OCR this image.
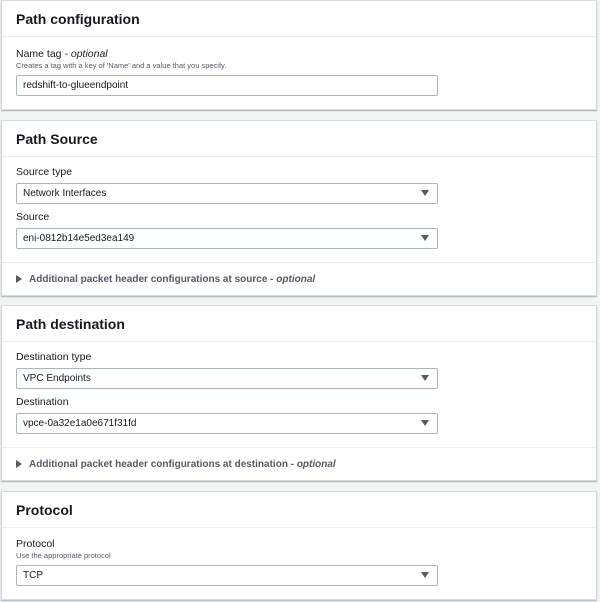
Path configuration
Name tag - optional
Creates a tag with a key of 'Name' and a value that you specify.
redshift-to-glueendpoint
Path Source
Source type
Network Interfaces
Source
eni-0812b14e5ed3ea149
Additional packet header configurations at source -
optional
Path destination
Destination type
VPC Endpoints
Destination
vpce-0a32e1a0e671f31fd
Additional packet header configurations at destination -
optional
Protocol
Protocol
Use the appropriate protocol
TCP
